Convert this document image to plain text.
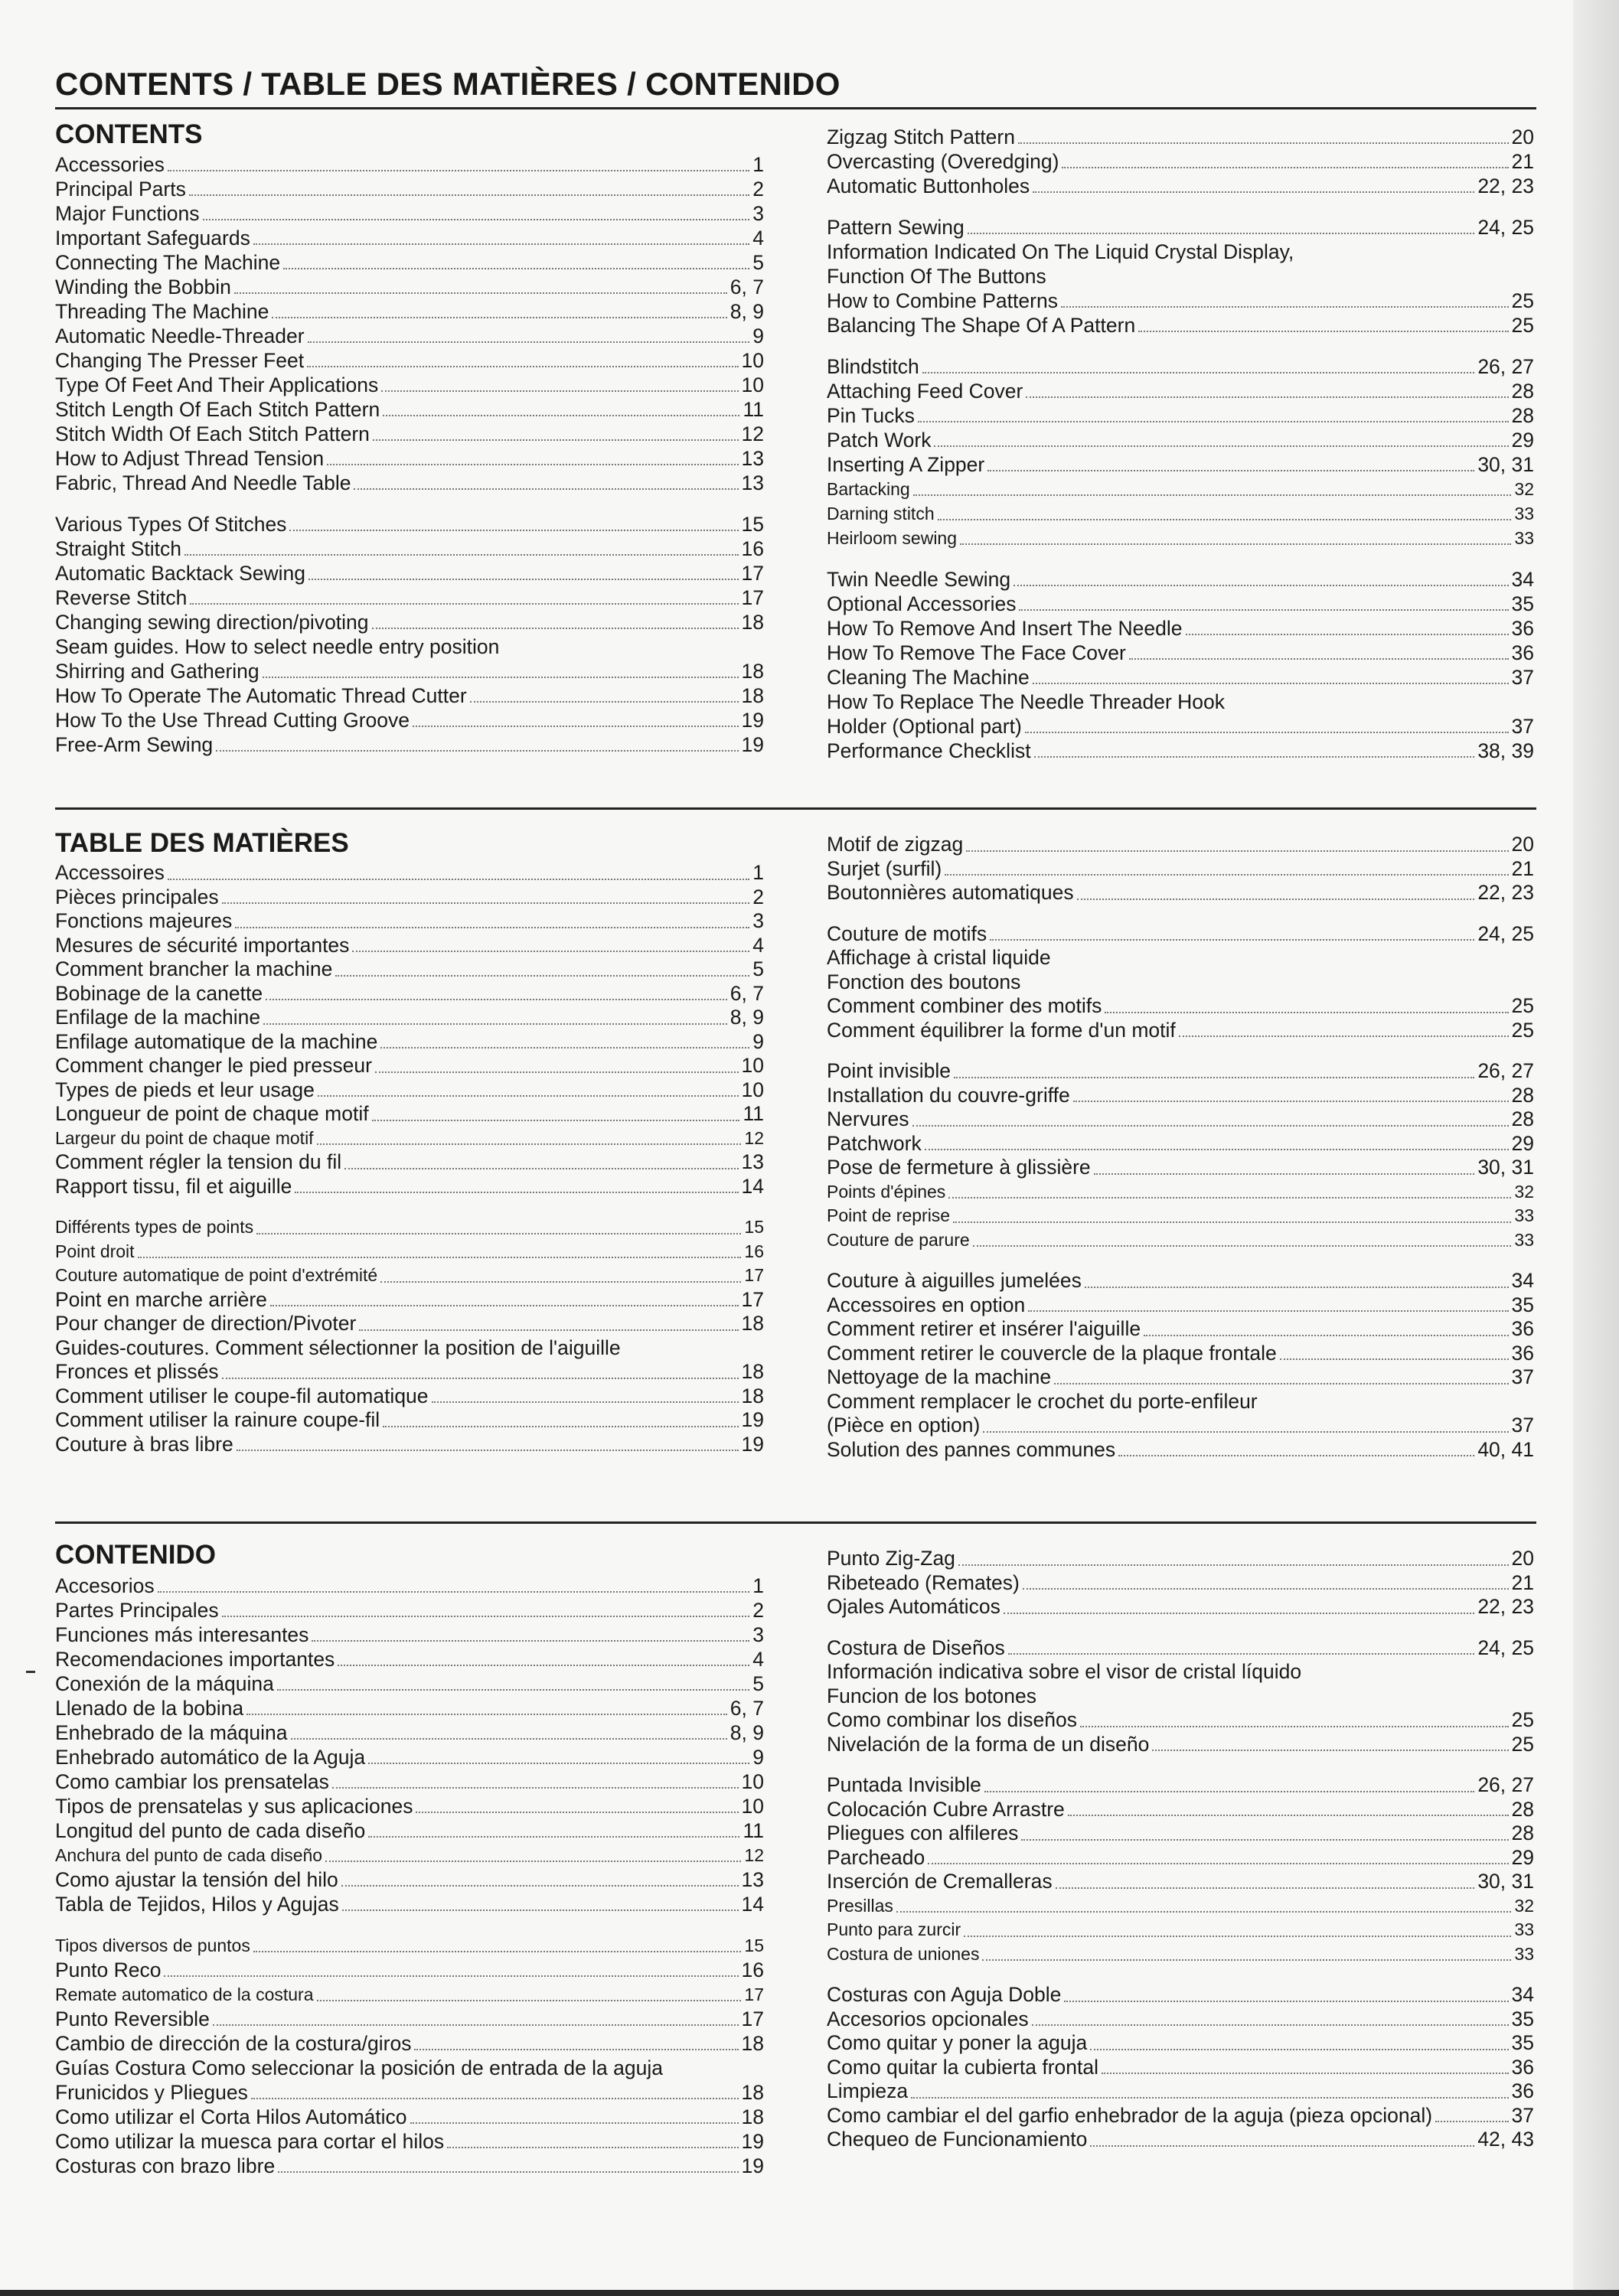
CONTENTS / TABLE DES MATIÈRES / CONTENIDO
CONTENTS
Accessories	1
Principal Parts	2
Major Functions	3
Important Safeguards	4
Connecting The Machine	5
Winding the Bobbin	6, 7
Threading The Machine	8, 9
Automatic Needle-Threader	9
Changing The Presser Feet	10
Type Of Feet And Their Applications	10
Stitch Length Of Each Stitch Pattern	11
Stitch Width Of Each Stitch Pattern	12
How to Adjust Thread Tension	13
Fabric, Thread And Needle Table	13
Various Types Of Stitches	15
Straight Stitch	16
Automatic Backtack Sewing	17
Reverse Stitch	17
Changing sewing direction/pivoting	18
Seam guides. How to select needle entry position
Shirring and Gathering	18
How To Operate The Automatic Thread Cutter	18
How To the Use Thread Cutting Groove	19
Free-Arm Sewing	19
Zigzag Stitch Pattern	20
Overcasting (Overedging)	21
Automatic Buttonholes	22, 23
Pattern Sewing	24, 25
Information Indicated On The Liquid Crystal Display,
Function Of The Buttons
How to Combine Patterns	25
Balancing The Shape Of A Pattern	25
Blindstitch	26, 27
Attaching Feed Cover	28
Pin Tucks	28
Patch Work	29
Inserting A Zipper	30, 31
Bartacking	32
Darning stitch	33
Heirloom sewing	33
Twin Needle Sewing	34
Optional Accessories	35
How To Remove And Insert The Needle	36
How To Remove The Face Cover	36
Cleaning The Machine	37
How To Replace The Needle Threader Hook
Holder (Optional part)	37
Performance Checklist	38, 39
TABLE DES MATIÈRES
Accessoires	1
Pièces principales	2
Fonctions majeures	3
Mesures de sécurité importantes	4
Comment brancher la machine	5
Bobinage de la canette	6, 7
Enfilage de la machine	8, 9
Enfilage automatique de la machine	9
Comment changer le pied presseur	10
Types de pieds et leur usage	10
Longueur de point de chaque motif	11
Largeur du point de chaque motif	12
Comment régler la tension du fil	13
Rapport tissu, fil et aiguille	14
Différents types de points	15
Point droit	16
Couture automatique de point d'extrémité	17
Point en marche arrière	17
Pour changer de direction/Pivoter	18
Guides-coutures. Comment sélectionner la position de l'aiguille
Fronces et plissés	18
Comment utiliser le coupe-fil automatique	18
Comment utiliser la rainure coupe-fil	19
Couture à bras libre	19
Motif de zigzag	20
Surjet (surfil)	21
Boutonnières automatiques	22, 23
Couture de motifs	24, 25
Affichage à cristal liquide
Fonction des boutons
Comment combiner des motifs	25
Comment équilibrer la forme d'un motif	25
Point invisible	26, 27
Installation du couvre-griffe	28
Nervures	28
Patchwork	29
Pose de fermeture à glissière	30, 31
Points d'épines	32
Point de reprise	33
Couture de parure	33
Couture à aiguilles jumelées	34
Accessoires en option	35
Comment retirer et insérer l'aiguille	36
Comment retirer le couvercle de la plaque frontale	36
Nettoyage de la machine	37
Comment remplacer le crochet du porte-enfileur
(Pièce en option)	37
Solution des pannes communes	40, 41
CONTENIDO
Accesorios	1
Partes Principales	2
Funciones más interesantes	3
Recomendaciones importantes	4
Conexión de la máquina	5
Llenado de la bobina	6, 7
Enhebrado de la máquina	8, 9
Enhebrado automático de la Aguja	9
Como cambiar los prensatelas	10
Tipos de prensatelas y sus aplicaciones	10
Longitud del punto de cada diseño	11
Anchura del punto de cada diseño	12
Como ajustar la tensión del hilo	13
Tabla de Tejidos, Hilos y Agujas	14
Tipos diversos de puntos	15
Punto Reco	16
Remate automatico de la costura	17
Punto Reversible	17
Cambio de dirección de la costura/giros	18
Guías Costura Como seleccionar la posición de entrada de la aguja
Frunicidos y Pliegues	18
Como utilizar el Corta Hilos Automático	18
Como utilizar la muesca para cortar el hilos	19
Costuras con brazo libre	19
Punto Zig-Zag	20
Ribeteado (Remates)	21
Ojales Automáticos	22, 23
Costura de Diseños	24, 25
Información indicativa sobre el visor de cristal líquido
Funcion de los botones
Como combinar los diseños	25
Nivelación de la forma de un diseño	25
Puntada Invisible	26, 27
Colocación Cubre Arrastre	28
Pliegues con alfileres	28
Parcheado	29
Inserción de Cremalleras	30, 31
Presillas	32
Punto para zurcir	33
Costura de uniones	33
Costuras con Aguja Doble	34
Accesorios opcionales	35
Como quitar y poner la aguja	35
Como quitar la cubierta frontal	36
Limpieza	36
Como cambiar el del garfio enhebrador de la aguja (pieza opcional)	37
Chequeo de Funcionamiento	42, 43
